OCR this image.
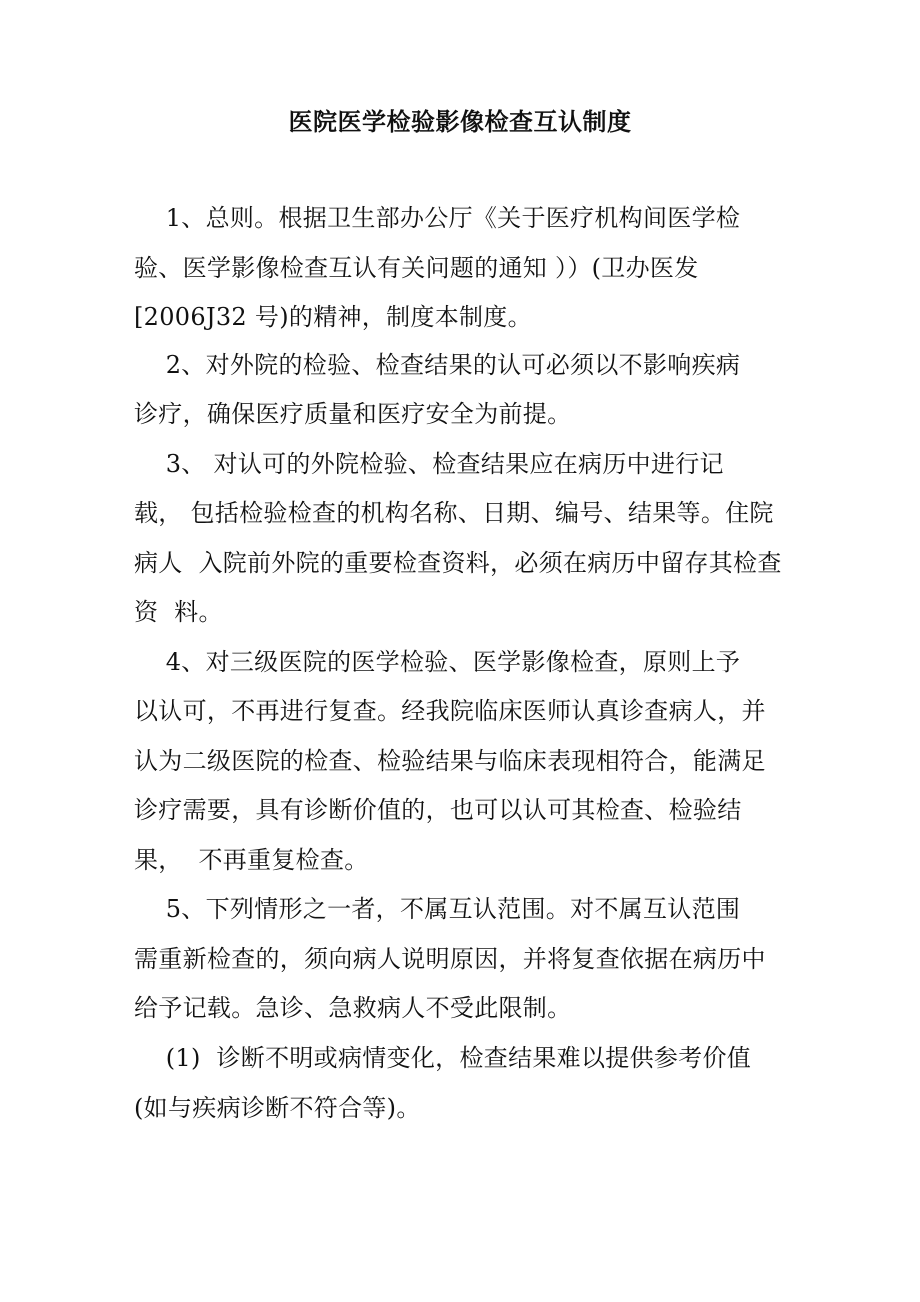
医院医学检验影像检查互认制度
1、总则。根据卫生部办公厅《关于医疗机构间医学检
验、医学影像检查互认有关问题的通知 ））(卫办医发
[2006J32 号)的精神，制度本制度。
2、对外院的检验、检查结果的认可必须以不影响疾病
诊疗，确保医疗质量和医疗安全为前提。
3、 对认可的外院检验、检查结果应在病历中进行记
载， 包括检验检查的机构名称、日期、编号、结果等。住院
病人  入院前外院的重要检查资料，必须在病历中留存其检查
资  料。
4、对三级医院的医学检验、医学影像检查，原则上予
以认可，不再进行复查。经我院临床医师认真诊查病人，并
认为二级医院的检查、检验结果与临床表现相符合，能满足
诊疗需要，具有诊断价值的，也可以认可其检查、检验结
果，  不再重复检查。
5、下列情形之一者，不属互认范围。对不属互认范围
需重新检查的，须向病人说明原因，并将复查依据在病历中
给予记载。急诊、急救病人不受此限制。
(1)  诊断不明或病情变化，检查结果难以提供参考价值
(如与疾病诊断不符合等)。
